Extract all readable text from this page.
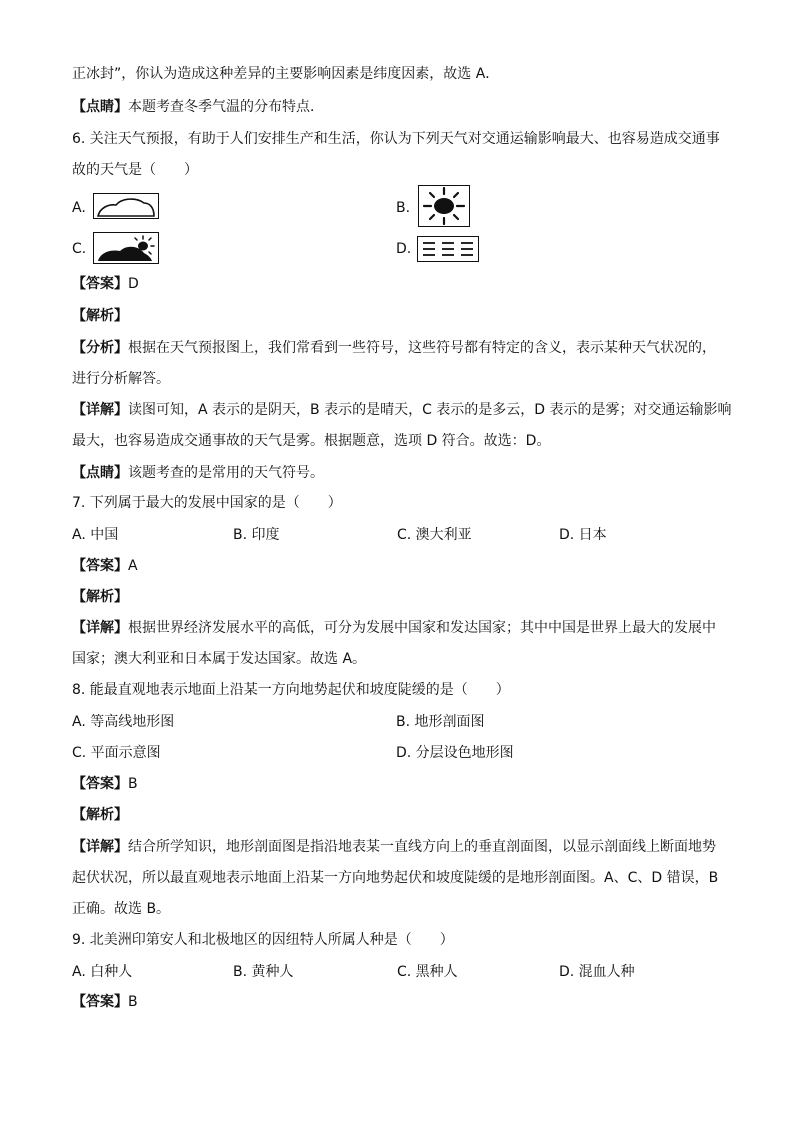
正冰封”，你认为造成这种差异的主要影响因素是纬度因素，故选 A．
【点睛】本题考查冬季气温的分布特点．
6. 关注天气预报，有助于人们安排生产和生活，你认为下列天气对交通运输影响最大、也容易造成交通事
故的天气是（　　）
【答案】D
【解析】
【分析】根据在天气预报图上，我们常看到一些符号，这些符号都有特定的含义，表示某种天气状况的，
进行分析解答。
【详解】读图可知，A 表示的是阴天，B 表示的是晴天，C 表示的是多云，D 表示的是雾；对交通运输影响
最大，也容易造成交通事故的天气是雾。根据题意，选项 D 符合。故选：D。
【点睛】该题考查的是常用的天气符号。
7. 下列属于最大的发展中国家的是（　　）
【答案】A
【解析】
【详解】根据世界经济发展水平的高低，可分为发展中国家和发达国家；其中中国是世界上最大的发展中
国家；澳大利亚和日本属于发达国家。故选 A。
8. 能最直观地表示地面上沿某一方向地势起伏和坡度陡缓的是（　　）
【答案】B
【解析】
【详解】结合所学知识，地形剖面图是指沿地表某一直线方向上的垂直剖面图，以显示剖面线上断面地势
起伏状况，所以最直观地表示地面上沿某一方向地势起伏和坡度陡缓的是地形剖面图。A、C、D 错误，B
正确。故选 B。
9. 北美洲印第安人和北极地区的因纽特人所属人种是（　　）
【答案】B
A.	B.
C.	D.
A. 中国	B. 印度	C. 澳大利亚	D. 日本
A. 等高线地形图	B. 地形剖面图
C. 平面示意图	D. 分层设色地形图
A. 白种人	B. 黄种人	C. 黑种人	D. 混血人种
